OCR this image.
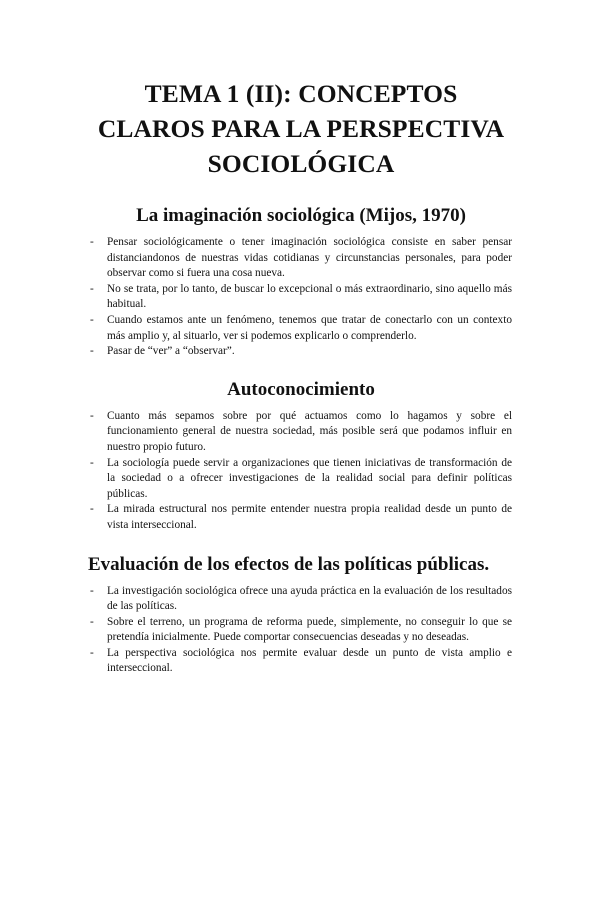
TEMA 1 (II): CONCEPTOS CLAROS PARA LA PERSPECTIVA SOCIOLÓGICA
La imaginación sociológica (Mijos, 1970)
- Pensar sociológicamente o tener imaginación sociológica consiste en saber pensar distanciandonos de nuestras vidas cotidianas y circunstancias personales, para poder observar como si fuera una cosa nueva.
- No se trata, por lo tanto, de buscar lo excepcional o más extraordinario, sino aquello más habitual.
- Cuando estamos ante un fenómeno, tenemos que tratar de conectarlo con un contexto más amplio y, al situarlo, ver si podemos explicarlo o comprenderlo.
- Pasar de “ver” a “observar”.
Autoconocimiento
- Cuanto más sepamos sobre por qué actuamos como lo hagamos y sobre el funcionamiento general de nuestra sociedad, más posible será que podamos influir en nuestro propio futuro.
- La sociología puede servir a organizaciones que tienen iniciativas de transformación de la sociedad o a ofrecer investigaciones de la realidad social para definir políticas públicas.
- La mirada estructural nos permite entender nuestra propia realidad desde un punto de vista interseccional.
Evaluación de los efectos de las políticas públicas.
- La investigación sociológica ofrece una ayuda práctica en la evaluación de los resultados de las políticas.
- Sobre el terreno, un programa de reforma puede, simplemente, no conseguir lo que se pretendía inicialmente. Puede comportar consecuencias deseadas y no deseadas.
- La perspectiva sociológica nos permite evaluar desde un punto de vista amplio e interseccional.
